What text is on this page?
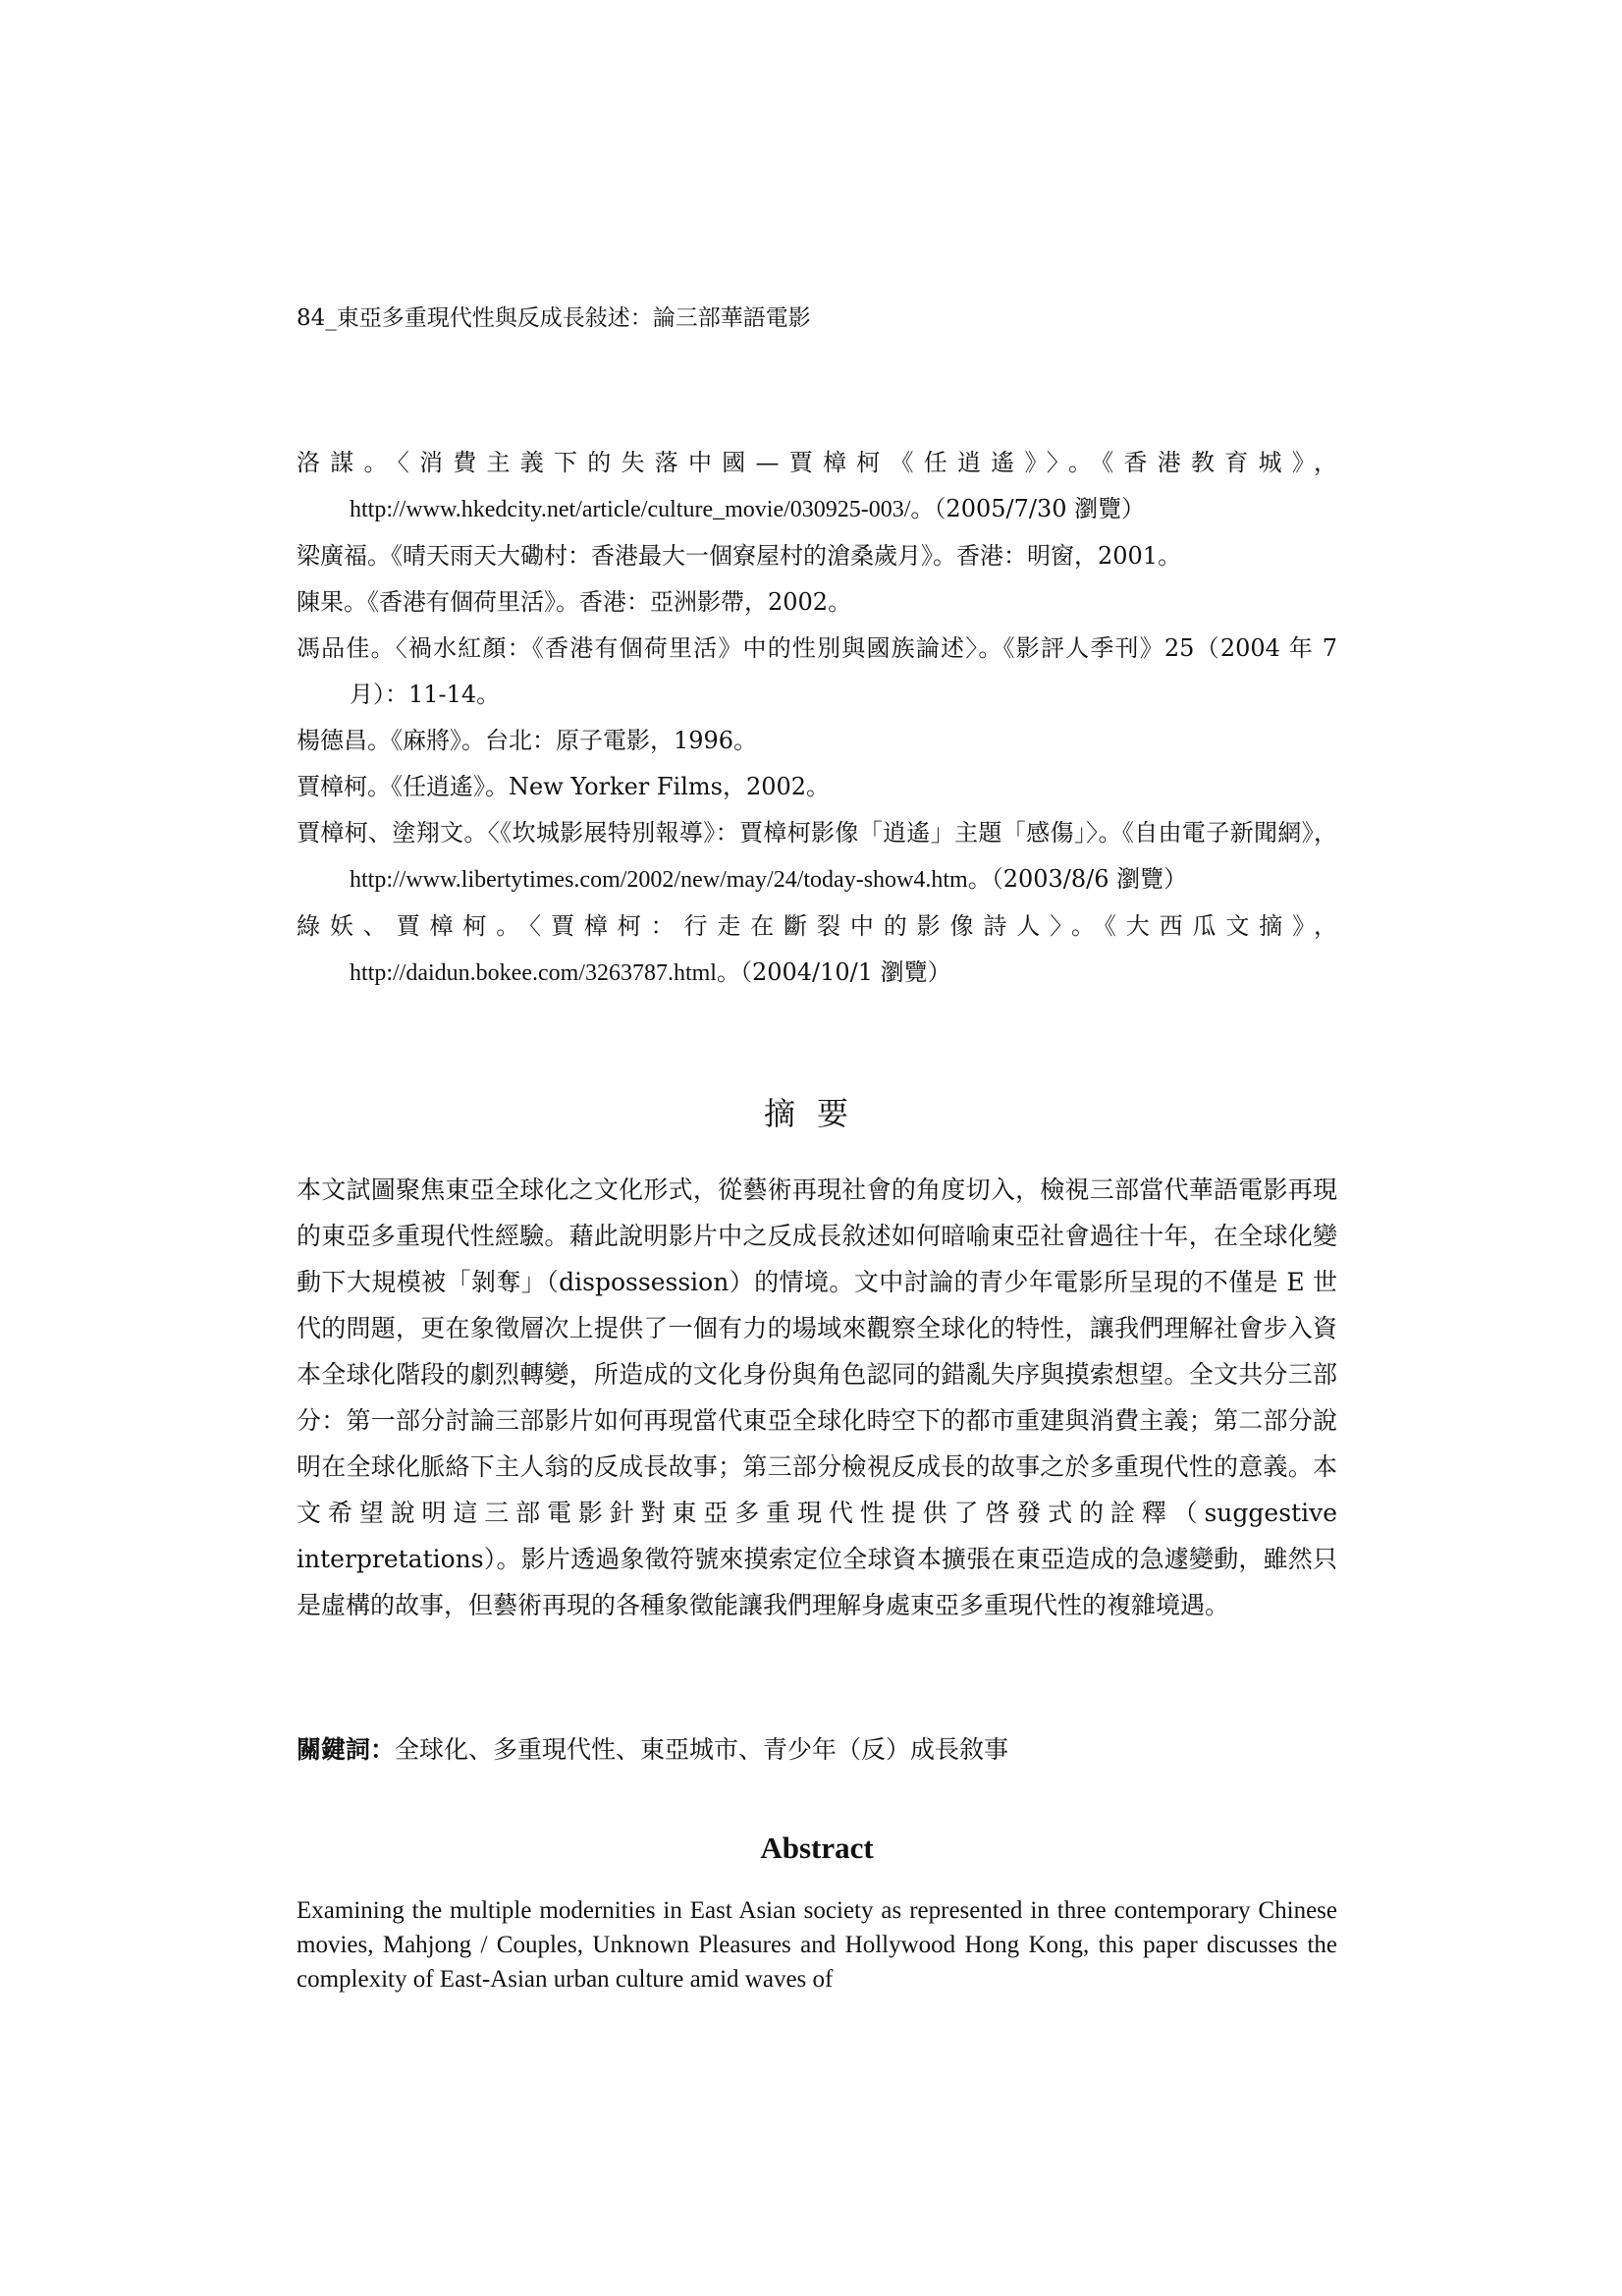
84_東亞多重現代性與反成長敍述：論三部華語電影
洛謀。〈消費主義下的失落中國—賈樟柯《任逍遙》〉。《香港教育城》，http://www.hkedcity.net/article/culture_movie/030925-003/。（2005/7/30 瀏覽）
梁廣福。《晴天雨天大磡村：香港最大一個寮屋村的滄桑歲月》。香港：明窗，2001。
陳果。《香港有個荷里活》。香港：亞洲影帶，2002。
馮品佳。〈禍水紅顏：《香港有個荷里活》中的性別與國族論述〉。《影評人季刊》25（2004 年 7 月）：11-14。
楊德昌。《麻將》。台北：原子電影，1996。
賈樟柯。《任逍遙》。New Yorker Films，2002。
賈樟柯、塗翔文。〈《坎城影展特別報導》：賈樟柯影像「逍遙」主題「感傷」〉。《自由電子新聞網》，http://www.libertytimes.com/2002/new/may/24/today-show4.htm。（2003/8/6 瀏覽）
綠妖、賈樟柯。〈賈樟柯：行走在斷裂中的影像詩人〉。《大西瓜文摘》，http://daidun.bokee.com/3263787.html。（2004/10/1 瀏覽）
摘要
本文試圖聚焦東亞全球化之文化形式，從藝術再現社會的角度切入，檢視三部當代華語電影再現的東亞多重現代性經驗。藉此說明影片中之反成長敘述如何暗喻東亞社會過往十年，在全球化變動下大規模被「剝奪」（dispossession）的情境。文中討論的青少年電影所呈現的不僅是 E 世代的問題，更在象徵層次上提供了一個有力的場域來觀察全球化的特性，讓我們理解社會步入資本全球化階段的劇烈轉變，所造成的文化身份與角色認同的錯亂失序與摸索想望。全文共分三部分：第一部分討論三部影片如何再現當代東亞全球化時空下的都市重建與消費主義；第二部分說明在全球化脈絡下主人翁的反成長故事；第三部分檢視反成長的故事之於多重現代性的意義。本文希望說明這三部電影針對東亞多重現代性提供了啓發式的詮釋（suggestive interpretations）。影片透過象徵符號來摸索定位全球資本擴張在東亞造成的急遽變動，雖然只是虛構的故事，但藝術再現的各種象徵能讓我們理解身處東亞多重現代性的複雜境遇。
關鍵詞：全球化、多重現代性、東亞城市、青少年（反）成長敘事
Abstract
Examining the multiple modernities in East Asian society as represented in three contemporary Chinese movies, Mahjong / Couples, Unknown Pleasures and Hollywood Hong Kong, this paper discusses the complexity of East-Asian urban culture amid waves of
